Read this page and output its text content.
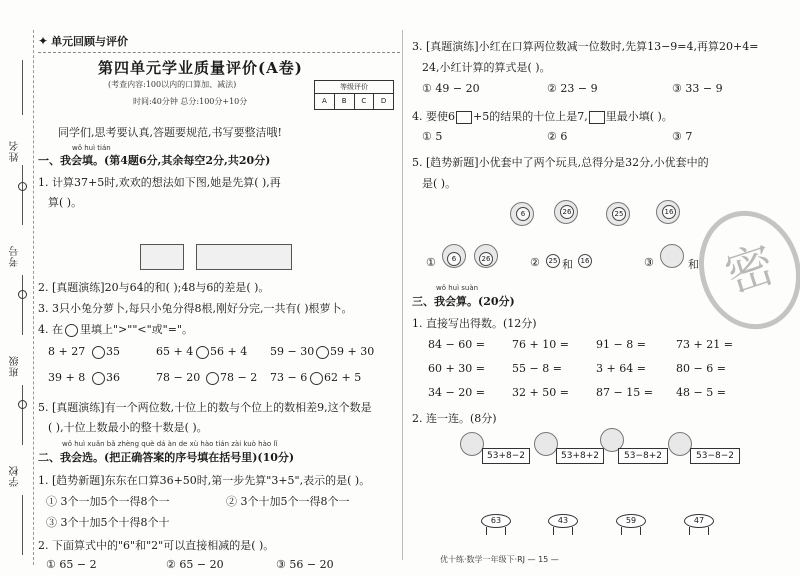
姓名
考号
班级
学校
✦ 单元回顾与评价
第四单元学业质量评价(A卷)
(考查内容:100以内的口算加、减法)
时间:40分钟 总分:100分+10分
等级评价
A	B	C	D
同学们,思考要认真,答题要规范,书写要整洁哦!
wǒ huì tián
一、我会填。(第4题6分,其余每空2分,共20分)
1. 计算37+5时,欢欢的想法如下图,她是先算( ),再
算( )。
2. [真题演练]20与64的和( );48与6的差是( )。
3. 3只小兔分萝卜,每只小兔分得8根,刚好分完,一共有( )根萝卜。
4. 在 里填上">""<"或"="。
8 + 27 35	65 + 4 56 + 4 59 − 30 59 + 30
39 + 8 36	78 − 20 78 − 2 73 − 6 62 + 5
5. [真题演练]有一个两位数,十位上的数与个位上的数相差9,这个数是
( ),十位上数最小的整十数是( )。
wǒ huì xuǎn bǎ zhèng què dá àn de xù hào tián zài kuò hào lǐ
二、我会选。(把正确答案的序号填在括号里)(10分)
1. [趋势新题]东东在口算36+50时,第一步先算"3+5",表示的是( )。
① 3个一加5个一得8个一	② 3个十加5个一得8个一
③ 3个十加5个十得8个十
2. 下面算式中的"6"和"2"可以直接相减的是( )。
① 65 − 2	② 65 − 20	③ 56 − 20
3. [真题演练]小红在口算两位数减一位数时,先算13−9=4,再算20+4=
24,小红计算的算式是( )。
① 49 − 20	② 23 − 9	③ 33 − 9
4. 要使6 +5的结果的十位上是7, 里最小填( )。
① 5	② 6	③ 7
5. [趋势新题]小优套中了两个玩具,总得分是32分,小优套中的
是( )。
6	26	25	16
①	6	26	②	25 和	16	③	和
wǒ huì suàn
三、我会算。(20分)
1. 直接写出得数。(12分)
84 − 60 = 76 + 10 = 91 − 8 =	73 + 21 =
60 + 30 = 55 − 8 =	3 + 64 =	80 − 6 =
34 − 20 = 32 + 50 = 87 − 15 = 48 − 5 =
2. 连一连。(8分)
53+8−2	53+8+2	53−8+2	53−8−2
63	43	59	47
优十练·数学一年级下·RJ — 15 —
密
